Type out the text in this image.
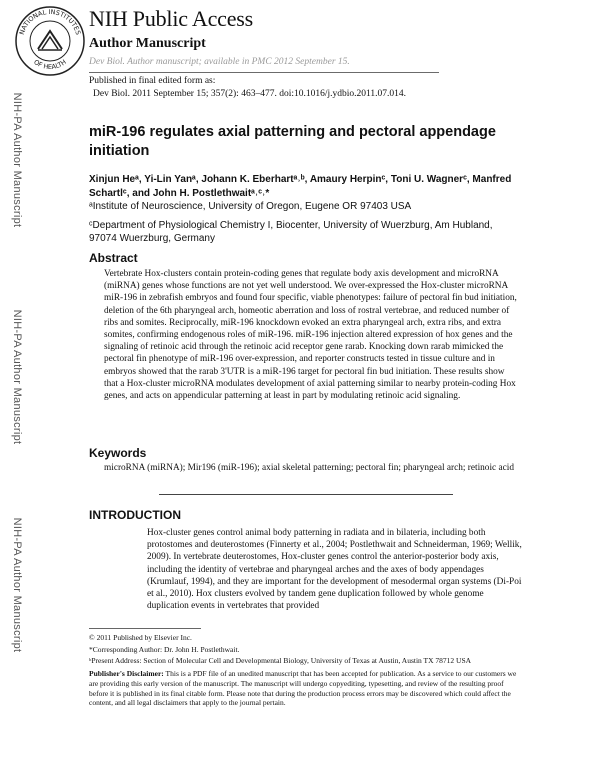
NATIONAL INSTITUTES
OF HEALTH
NIH Public Access
Author Manuscript
Dev Biol. Author manuscript; available in PMC 2012 September 15.
Published in final edited form as:
Dev Biol. 2011 September 15; 357(2): 463–477. doi:10.1016/j.ydbio.2011.07.014.
NIH-PA Author Manuscript
NIH-PA Author Manuscript
NIH-PA Author Manuscript
miR-196 regulates axial patterning and pectoral appendage initiation
Xinjun Heᵃ, Yi-Lin Yanᵃ, Johann K. Eberhartᵃ˒ᵇ, Amaury Herpinᶜ, Toni U. Wagnerᶜ, Manfred Schartlᶜ, and John H. Postlethwaitᵃ˒ᶜ˒*
ᵃInstitute of Neuroscience, University of Oregon, Eugene OR 97403 USA
ᶜDepartment of Physiological Chemistry I, Biocenter, University of Wuerzburg, Am Hubland, 97074 Wuerzburg, Germany
Abstract

Vertebrate Hox-clusters contain protein-coding genes that regulate body axis development and microRNA (miRNA) genes whose functions are not yet well understood. We over-expressed the Hox-cluster microRNA miR-196 in zebrafish embryos and found four specific, viable phenotypes: failure of pectoral fin bud initiation, deletion of the 6th pharyngeal arch, homeotic aberration and loss of rostral vertebrae, and reduced number of ribs and somites. Reciprocally, miR-196 knockdown evoked an extra pharyngeal arch, extra ribs, and extra somites, confirming endogenous roles of miR-196. miR-196 injection altered expression of hox genes and the signaling of retinoic acid through the retinoic acid receptor gene rarab. Knocking down rarab mimicked the pectoral fin phenotype of miR-196 over-expression, and reporter constructs tested in tissue culture and in embryos showed that the rarab 3'UTR is a miR-196 target for pectoral fin bud initiation. These results show that a Hox-cluster microRNA modulates development of axial patterning similar to nearby protein-coding Hox genes, and acts on appendicular patterning at least in part by modulating retinoic acid signaling.

Keywords

microRNA (miRNA); Mir196 (miR-196); axial skeletal patterning; pectoral fin; pharyngeal arch; retinoic acid

INTRODUCTION

Hox-cluster genes control animal body patterning in radiata and in bilateria, including both protostomes and deuterostomes (Finnerty et al., 2004; Postlethwait and Schneiderman, 1969; Wellik, 2009). In vertebrate deuterostomes, Hox-cluster genes control the anterior-posterior body axis, including the identity of vertebrae and pharyngeal arches and the axes of body appendages (Krumlauf, 1994), and they are important for the development of mesodermal organ systems (Di-Poi et al., 2010). Hox clusters evolved by tandem gene duplication followed by whole genome duplication events in vertebrates that provided

© 2011 Published by Elsevier Inc.
*Corresponding Author: Dr. John H. Postlethwait.
ᵇPresent Address: Section of Molecular Cell and Developmental Biology, University of Texas at Austin, Austin TX 78712 USA

Publisher's Disclaimer: This is a PDF file of an unedited manuscript that has been accepted for publication. As a service to our customers we are providing this early version of the manuscript. The manuscript will undergo copyediting, typesetting, and review of the resulting proof before it is published in its final citable form. Please note that during the production process errors may be discovered which could affect the content, and all legal disclaimers that apply to the journal pertain.
